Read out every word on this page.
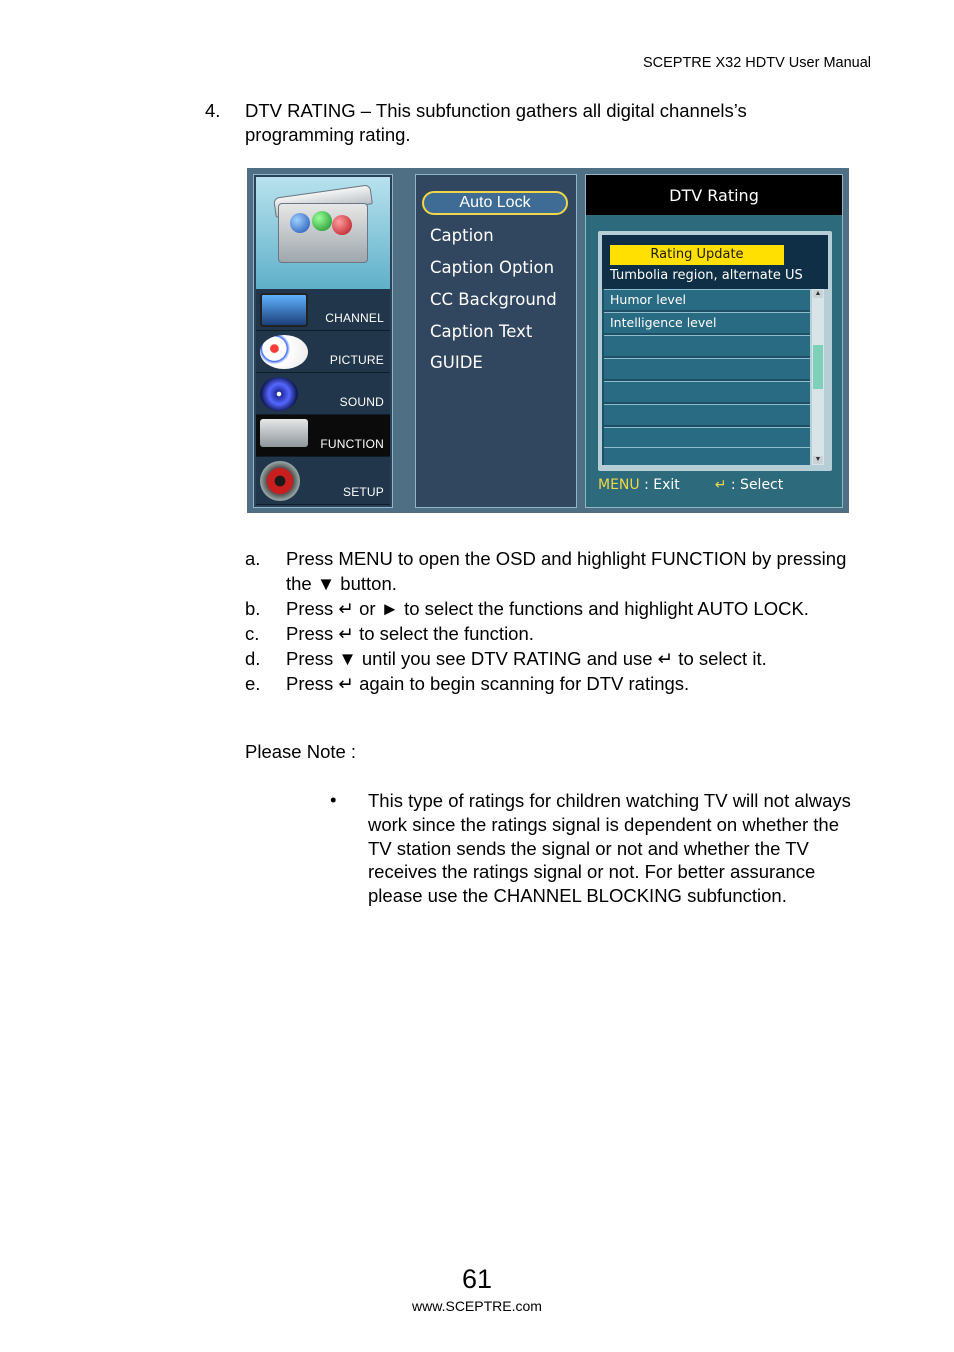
SCEPTRE X32 HDTV User Manual
4. DTV RATING – This subfunction gathers all digital channels’s programming rating.
CHANNEL
PICTURE
SOUND
FUNCTION
SETUP
Auto Lock
Caption
Caption Option
CC Background
Caption Text
GUIDE
DTV Rating
Rating Update
Tumbolia region, alternate US
Humor level
Intelligence level
▲
▼
MENU : Exit ↵ : Select
a. Press MENU to open the OSD and highlight FUNCTION by pressing the ▼ button.
b. Press ↵ or ► to select the functions and highlight AUTO LOCK.
c. Press ↵ to select the function.
d. Press ▼ until you see DTV RATING and use ↵ to select it.
e. Press ↵ again to begin scanning for DTV ratings.
Please Note :
• This type of ratings for children watching TV will not always work since the ratings signal is dependent on whether the TV station sends the signal or not and whether the TV receives the ratings signal or not. For better assurance please use the CHANNEL BLOCKING subfunction.
61
www.SCEPTRE.com
